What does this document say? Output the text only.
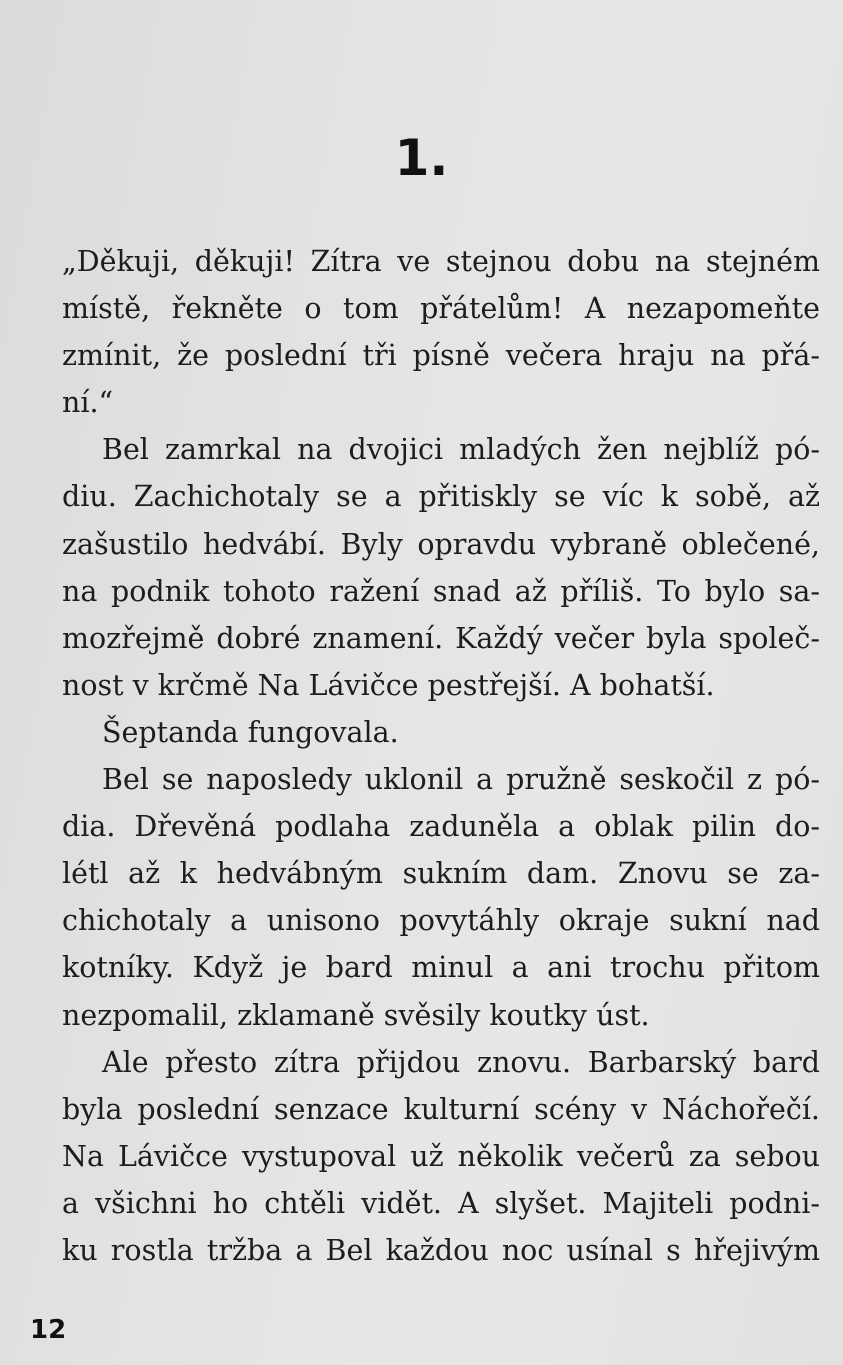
1.
„Děkuji, děkuji! Zítra ve stejnou dobu na stejném
místě, řekněte o tom přátelům! A nezapomeňte
zmínit, že poslední tři písně večera hraju na přá-
ní.“
Bel zamrkal na dvojici mladých žen nejblíž pó-
diu. Zachichotaly se a přitiskly se víc k sobě, až
zašustilo hedvábí. Byly opravdu vybraně oblečené,
na podnik tohoto ražení snad až příliš. To bylo sa-
mozřejmě dobré znamení. Každý večer byla společ-
nost v krčmě Na Lávičce pestřejší. A bohatší.
Šeptanda fungovala.
Bel se naposledy uklonil a pružně seskočil z pó-
dia. Dřevěná podlaha zaduněla a oblak pilin do-
létl až k hedvábným sukním dam. Znovu se za-
chichotaly a unisono povytáhly okraje sukní nad
kotníky. Když je bard minul a ani trochu přitom
nezpomalil, zklamaně svěsily koutky úst.
Ale přesto zítra přijdou znovu. Barbarský bard
byla poslední senzace kulturní scény v Náchořečí.
Na Lávičce vystupoval už několik večerů za sebou
a všichni ho chtěli vidět. A slyšet. Majiteli podni-
ku rostla tržba a Bel každou noc usínal s hřejivým
12
